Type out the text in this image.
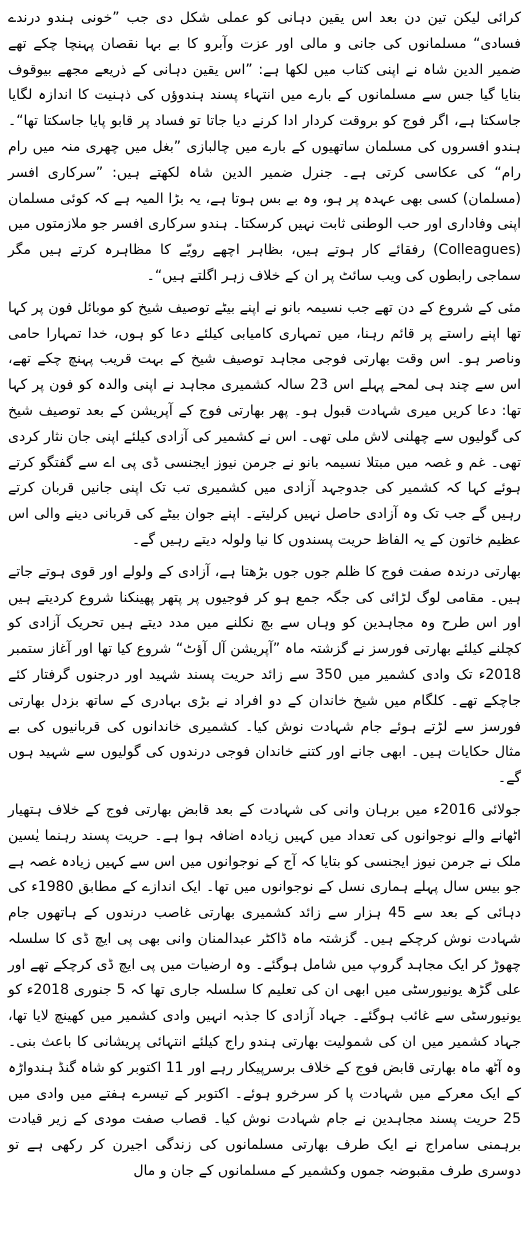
کرائی لیکن تین دن بعد اس یقین دہانی کو عملی شکل دی جب ”خونی ہندو درندے فسادی“ مسلمانوں کی جانی و مالی اور عزت وآبرو کا بے بہا نقصان پہنچا چکے تھے ضمیر الدین شاہ نے اپنی کتاب میں لکھا ہے: ”اس یقین دہانی کے ذریعے مجھے بیوقوف بنایا گیا جس سے مسلمانوں کے بارے میں انتہاء پسند ہندوؤں کی ذہنیت کا اندازہ لگایا جاسکتا ہے، اگر فوج کو بروقت کردار ادا کرنے دیا جاتا تو فساد پر قابو پایا جاسکتا تھا“۔ ہندو افسروں کی مسلمان ساتھیوں کے بارے میں چالبازی ”بغل میں چھری منہ میں رام رام“ کی عکاسی کرتی ہے۔ جنرل ضمیر الدین شاہ لکھتے ہیں: ”سرکاری افسر (مسلمان) کسی بھی عہدہ پر ہو، وہ بے بس ہوتا ہے، یہ بڑا المیہ ہے کہ کوئی مسلمان اپنی وفاداری اور حب الوطنی ثابت نہیں کرسکتا۔ ہندو سرکاری افسر جو ملازمتوں میں (Colleagues) رفقائے کار ہوتے ہیں، بظاہر اچھے رویّے کا مظاہرہ کرتے ہیں مگر سماجی رابطوں کی ویب سائٹ پر ان کے خلاف زہر اگلتے ہیں“۔

مئی کے شروع کے دن تھے جب نسیمہ بانو نے اپنے بیٹے توصیف شیخ کو موبائل فون پر کہا تھا اپنے راستے پر قائم رہنا، میں تمہاری کامیابی کیلئے دعا کو ہوں، خدا تمہارا حامی وناصر ہو۔ اس وقت بھارتی فوجی مجاہد توصیف شیخ کے بہت قریب پہنچ چکے تھے، اس سے چند ہی لمحے پہلے اس 23 سالہ کشمیری مجاہد نے اپنی والدہ کو فون پر کہا تھا: دعا کریں میری شہادت قبول ہو۔ پھر بھارتی فوج کے آپریشن کے بعد توصیف شیخ کی گولیوں سے چھلنی لاش ملی تھی۔ اس نے کشمیر کی آزادی کیلئے اپنی جان نثار کردی تھی۔ غم و غصہ میں مبتلا نسیمہ بانو نے جرمن نیوز ایجنسی ڈی پی اے سے گفتگو کرتے ہوئے کہا کہ کشمیر کی جدوجہد آزادی میں کشمیری تب تک اپنی جانیں قربان کرتے رہیں گے جب تک وہ آزادی حاصل نہیں کرلیتے۔ اپنے جوان بیٹے کی قربانی دینے والی اس عظیم خاتون کے یہ الفاظ حریت پسندوں کا نیا ولولہ دیتے رہیں گے۔

بھارتی درندہ صفت فوج کا ظلم جوں جوں بڑھتا ہے، آزادی کے ولولے اور قوی ہوتے جاتے ہیں۔ مقامی لوگ لڑائی کی جگہ جمع ہو کر فوجیوں پر پتھر پھینکنا شروع کردیتے ہیں اور اس طرح وہ مجاہدین کو وہاں سے بچ نکلنے میں مدد دیتے ہیں تحریک آزادی کو کچلنے کیلئے بھارتی فورسز نے گزشتہ ماہ ”آپریشن آل آؤٹ“ شروع کیا تھا اور آغاز ستمبر 2018ء تک وادی کشمیر میں 350 سے زائد حریت پسند شہید اور درجنوں گرفتار کئے جاچکے تھے۔ کلگام میں شیخ خاندان کے دو افراد نے بڑی بہادری کے ساتھ بزدل بھارتی فورسز سے لڑتے ہوئے جام شہادت نوش کیا۔ کشمیری خاندانوں کی قربانیوں کی بے مثال حکایات ہیں۔ ابھی جانے اور کتنے خاندان فوجی درندوں کی گولیوں سے شہید ہوں گے۔

جولائی 2016ء میں برہان وانی کی شہادت کے بعد قابض بھارتی فوج کے خلاف ہتھیار اٹھانے والے نوجوانوں کی تعداد میں کہیں زیادہ اضافہ ہوا ہے۔ حریت پسند رہنما یٰسین ملک نے جرمن نیوز ایجنسی کو بتایا کہ آج کے نوجوانوں میں اس سے کہیں زیادہ غصہ ہے جو بیس سال پہلے ہماری نسل کے نوجوانوں میں تھا۔ ایک اندازے کے مطابق 1980ء کی دہائی کے بعد سے 45 ہزار سے زائد کشمیری بھارتی غاصب درندوں کے ہاتھوں جام شہادت نوش کرچکے ہیں۔ گزشتہ ماہ ڈاکٹر عبدالمنان وانی بھی پی ایچ ڈی کا سلسلہ چھوڑ کر ایک مجاہد گروپ میں شامل ہوگئے۔ وہ ارضیات میں پی ایچ ڈی کرچکے تھے اور علی گڑھ یونیورسٹی میں ابھی ان کی تعلیم کا سلسلہ جاری تھا کہ 5 جنوری 2018ء کو یونیورسٹی سے غائب ہوگئے۔ جہاد آزادی کا جذبہ انہیں وادی کشمیر میں کھینچ لایا تھا، جہاد کشمیر میں ان کی شمولیت بھارتی ہندو راج کیلئے انتہائی پریشانی کا باعث بنی۔ وہ آٹھ ماہ بھارتی قابض فوج کے خلاف برسرپیکار رہے اور 11 اکتوبر کو شاہ گنڈ ہندواڑہ کے ایک معرکے میں شہادت پا کر سرخرو ہوئے۔ اکتوبر کے تیسرے ہفتے میں وادی میں 25 حریت پسند مجاہدین نے جام شہادت نوش کیا۔ قصاب صفت مودی کے زیر قیادت برہمنی سامراج نے ایک طرف بھارتی مسلمانوں کی زندگی اجیرن کر رکھی ہے تو دوسری طرف مقبوضہ جموں وکشمیر کے مسلمانوں کے جان و مال
